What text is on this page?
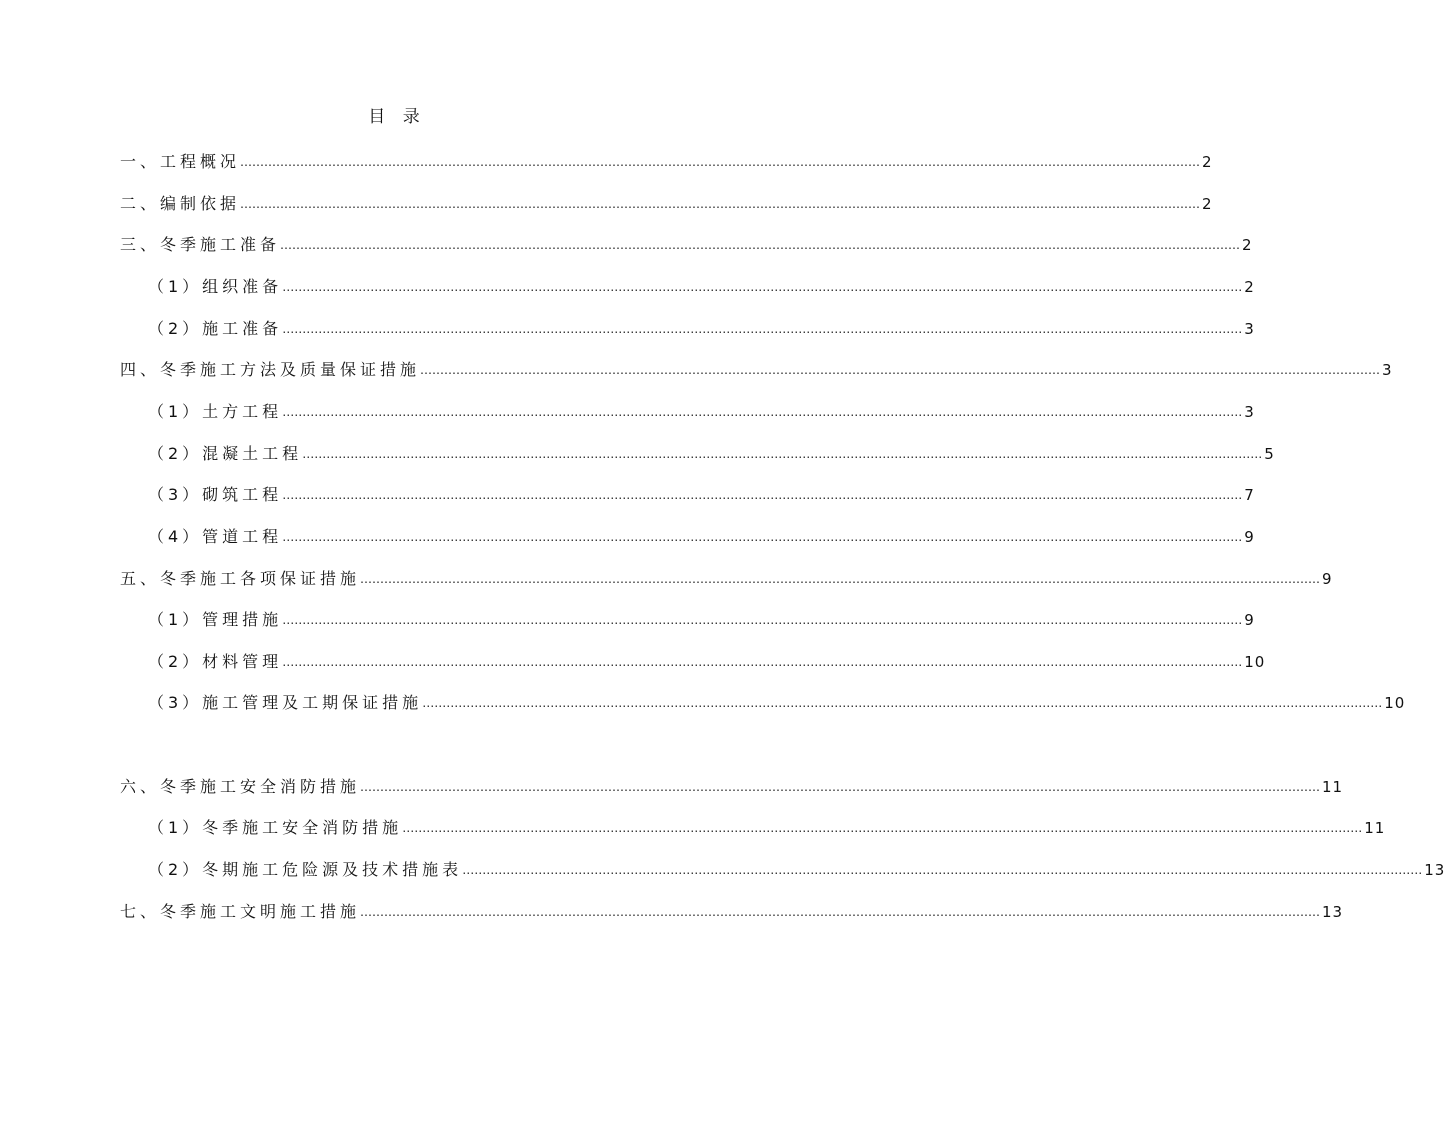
目 录
一、工程概况 …………………………………………………………………………………………………………………………………………………………………………………………………………………… 2
二、编制依据 …………………………………………………………………………………………………………………………………………………………………………………………………………………… 2
三、冬季施工准备 …………………………………………………………………………………………………………………………………………………………………………………………………………………… 2
（1）组织准备 …………………………………………………………………………………………………………………………………………………………………………………………………………………… 2
（2）施工准备 …………………………………………………………………………………………………………………………………………………………………………………………………………………… 3
四、冬季施工方法及质量保证措施 …………………………………………………………………………………………………………………………………………………………………………………………………………………… 3
（1）土方工程 …………………………………………………………………………………………………………………………………………………………………………………………………………………… 3
（2）混凝土工程 …………………………………………………………………………………………………………………………………………………………………………………………………………………… 5
（3）砌筑工程 …………………………………………………………………………………………………………………………………………………………………………………………………………………… 7
（4）管道工程 …………………………………………………………………………………………………………………………………………………………………………………………………………………… 9
五、冬季施工各项保证措施 …………………………………………………………………………………………………………………………………………………………………………………………………………………… 9
（1）管理措施 …………………………………………………………………………………………………………………………………………………………………………………………………………………… 9
（2）材料管理 …………………………………………………………………………………………………………………………………………………………………………………………………………………… 10
（3）施工管理及工期保证措施 …………………………………………………………………………………………………………………………………………………………………………………………………………………… 10
六、冬季施工安全消防措施 …………………………………………………………………………………………………………………………………………………………………………………………………………………… 11
（1）冬季施工安全消防措施 …………………………………………………………………………………………………………………………………………………………………………………………………………………… 11
（2）冬期施工危险源及技术措施表 …………………………………………………………………………………………………………………………………………………………………………………………………………………… 13
七、冬季施工文明施工措施 …………………………………………………………………………………………………………………………………………………………………………………………………………………… 13
